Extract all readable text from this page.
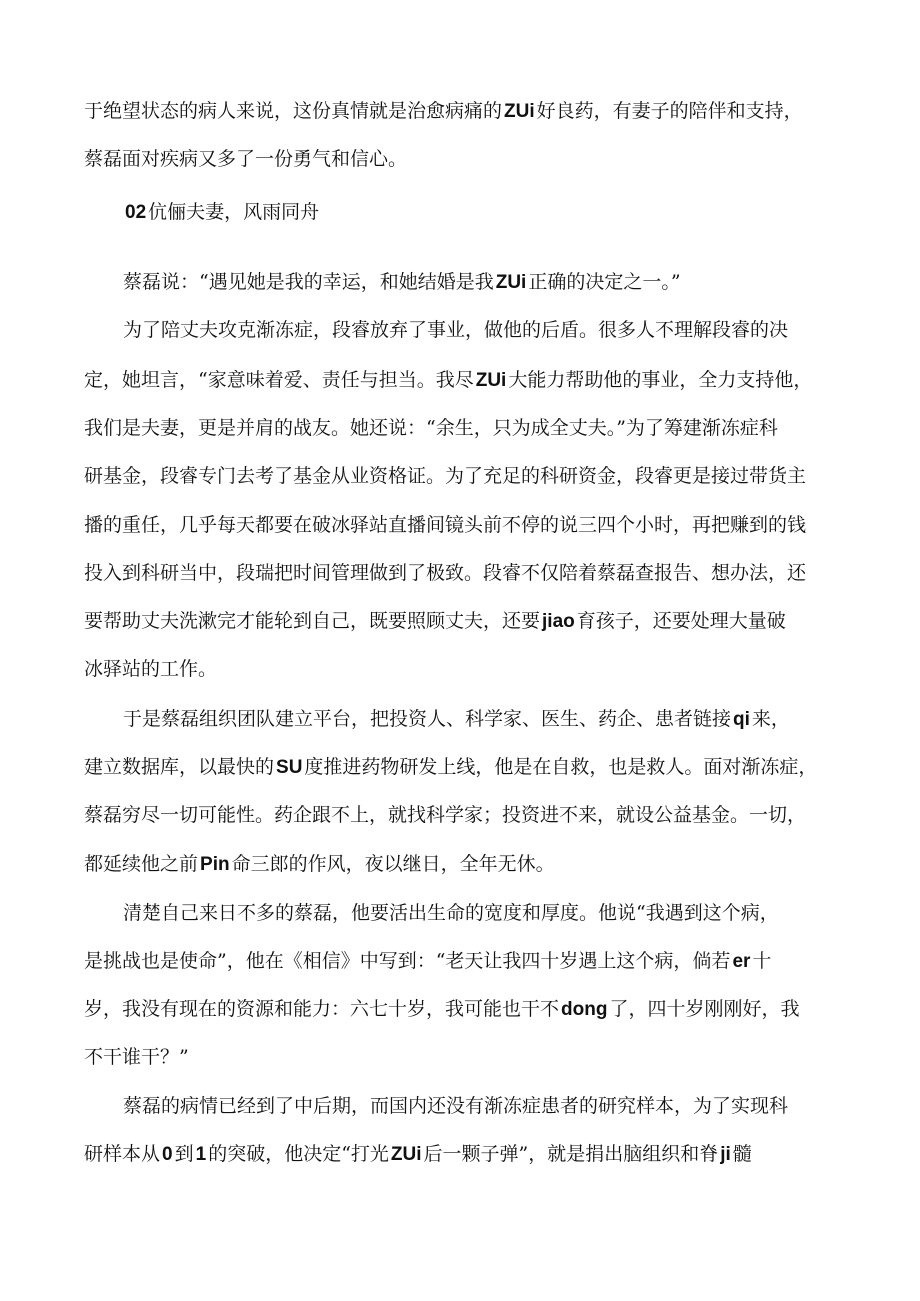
于绝望状态的病人来说，这份真情就是治愈病痛的 ZUi 好良药，有妻子的陪伴和支持，
蔡磊面对疾病又多了一份勇气和信心。
02 伉俪夫妻，风雨同舟
蔡磊说：“遇见她是我的幸运，和她结婚是我 ZUi 正确的决定之一。”
为了陪丈夫攻克渐冻症，段睿放弃了事业，做他的后盾。很多人不理解段睿的决
定，她坦言，“家意味着爱、责任与担当。我尽 ZUi 大能力帮助他的事业，全力支持他，
我们是夫妻，更是并肩的战友。她还说：“余生，只为成全丈夫。”为了筹建渐冻症科
研基金，段睿专门去考了基金从业资格证。为了充足的科研资金，段睿更是接过带货主
播的重任，几乎每天都要在破冰驿站直播间镜头前不停的说三四个小时，再把赚到的钱
投入到科研当中，段瑞把时间管理做到了极致。段睿不仅陪着蔡磊查报告、想办法，还
要帮助丈夫洗漱完才能轮到自己，既要照顾丈夫，还要 jiao 育孩子，还要处理大量破
冰驿站的工作。
于是蔡磊组织团队建立平台，把投资人、科学家、医生、药企、患者链接 qi 来，
建立数据库，以最快的 SU 度推进药物研发上线，他是在自救，也是救人。面对渐冻症，
蔡磊穷尽一切可能性。药企跟不上，就找科学家；投资进不来，就设公益基金。一切，
都延续他之前 Pin 命三郎的作风，夜以继日，全年无休。
清楚自己来日不多的蔡磊，他要活出生命的宽度和厚度。他说“我遇到这个病，
是挑战也是使命”，他在《相信》中写到：“老天让我四十岁遇上这个病，倘若 er 十
岁，我没有现在的资源和能力：六七十岁，我可能也干不 dong 了，四十岁刚刚好，我
不干谁干？”
蔡磊的病情已经到了中后期，而国内还没有渐冻症患者的研究样本，为了实现科
研样本从 0 到 1 的突破，他决定“打光 ZUi 后一颗子弹”，就是捐出脑组织和脊 ji 髓
